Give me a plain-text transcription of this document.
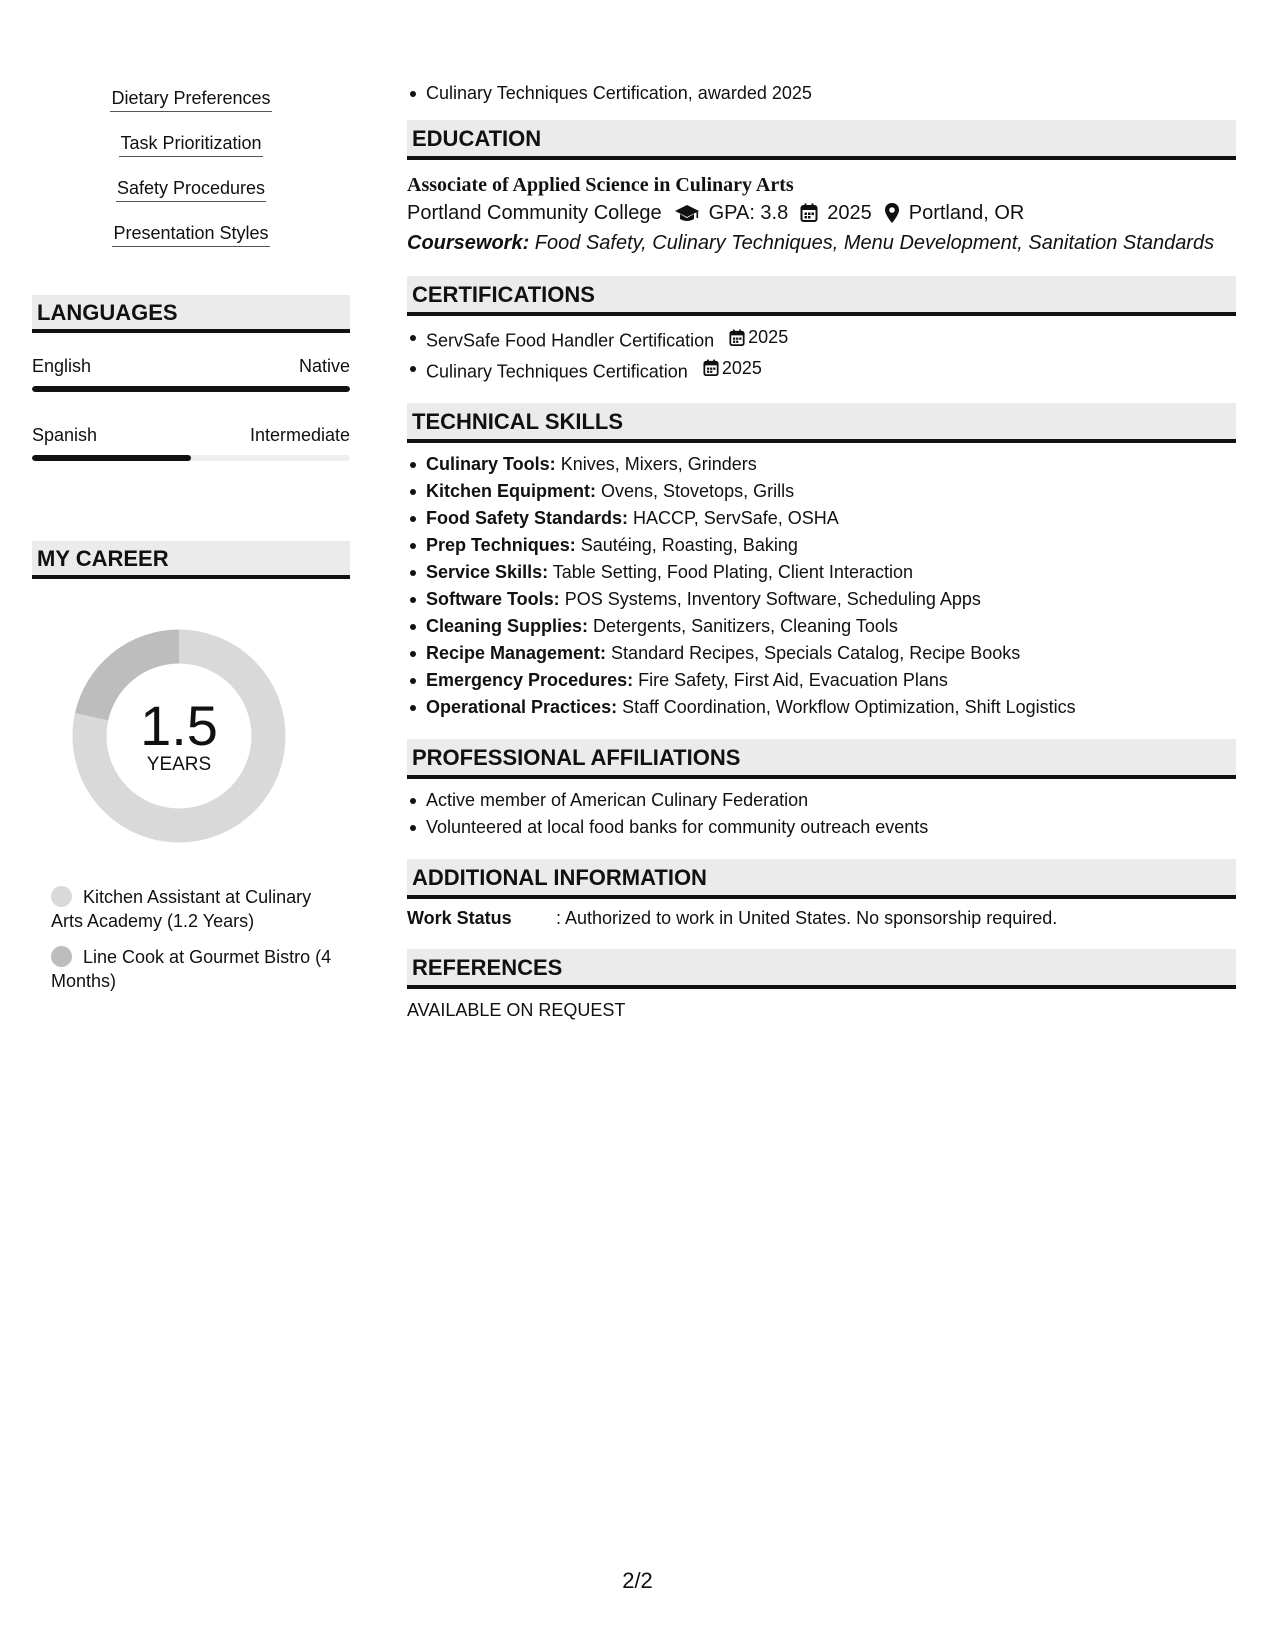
Dietary Preferences
Task Prioritization
Safety Procedures
Presentation Styles
LANGUAGES
English	Native
Spanish	Intermediate
MY CAREER
1.5
YEARS
Kitchen Assistant at Culinary Arts Academy (1.2 Years)
Line Cook at Gourmet Bistro (4 Months)
Culinary Techniques Certification, awarded 2025
EDUCATION
Associate of Applied Science in Culinary Arts
Portland Community College GPA: 3.8 2025 Portland, OR
Coursework: Food Safety, Culinary Techniques, Menu Development, Sanitation Standards
CERTIFICATIONS
ServSafe Food Handler Certification 2025
Culinary Techniques Certification 2025
TECHNICAL SKILLS
Culinary Tools: Knives, Mixers, Grinders
Kitchen Equipment: Ovens, Stovetops, Grills
Food Safety Standards: HACCP, ServSafe, OSHA
Prep Techniques: Sautéing, Roasting, Baking
Service Skills: Table Setting, Food Plating, Client Interaction
Software Tools: POS Systems, Inventory Software, Scheduling Apps
Cleaning Supplies: Detergents, Sanitizers, Cleaning Tools
Recipe Management: Standard Recipes, Specials Catalog, Recipe Books
Emergency Procedures: Fire Safety, First Aid, Evacuation Plans
Operational Practices: Staff Coordination, Workflow Optimization, Shift Logistics
PROFESSIONAL AFFILIATIONS
Active member of American Culinary Federation
Volunteered at local food banks for community outreach events
ADDITIONAL INFORMATION
Work Status	: Authorized to work in United States. No sponsorship required.
REFERENCES
AVAILABLE ON REQUEST
2/2
